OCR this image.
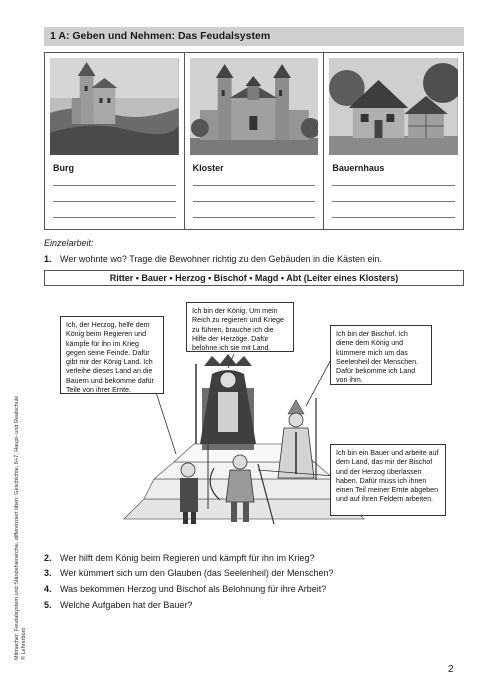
1 A: Geben und Nehmen: Das Feudalsystem
Burg	Kloster	Bauernhaus
Einzelarbeit:
1. Wer wohnte wo? Trage die Bewohner richtig zu den Gebäuden in die Kästen ein.
Ritter • Bauer • Herzog • Bischof • Magd • Abt (Leiter eines Klosters)
Ich, der Herzog, helfe dem König beim Regieren und kämpfe für ihn im Krieg gegen seine Feinde. Dafür gibt mir der König Land. Ich verleihe dieses Land an die Bauern und bekomme dafür Teile von ihrer Ernte.
Ich bin der König. Um mein Reich zu regieren und Kriege zu führen, brauche ich die Hilfe der Herzöge. Dafür belohne ich sie mit Land.
Ich bin der Bischof. Ich diene dem König und kümmere mich um das Seelenheil der Menschen. Dafür bekomme ich Land von ihm.
Ich bin ein Bauer und arbeite auf dem Land, das mir der Bischof und der Herzog überlassen haben. Dafür muss ich ihnen einen Teil meiner Ernte abgeben und auf ihren Feldern arbeiten.
2. Wer hilft dem König beim Regieren und kämpft für ihn im Krieg?
3. Wer kümmert sich um den Glauben (das Seelenheil) der Menschen?
4. Was bekommen Herzog und Bischof als Belohnung für ihre Arbeit?
5. Welche Aufgaben hat der Bauer?
Mitmacher: Feudalsystem und Ständehierarchie, differenziert üben: Geschichte, 6+7, Haupt- und Realschule © Lehrerbüro
2
